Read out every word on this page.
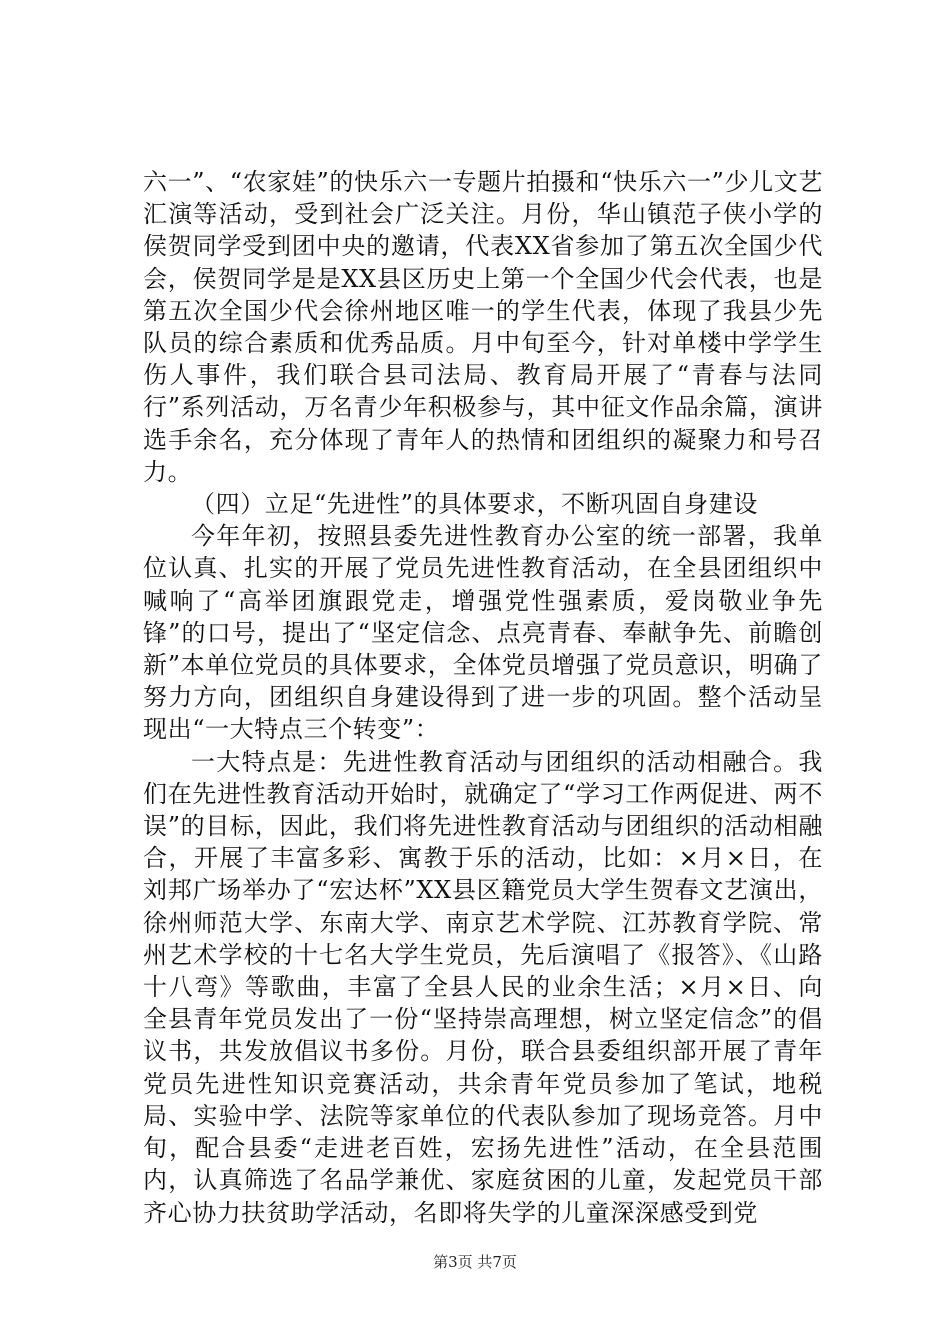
六一”、“农家娃”的快乐六一专题片拍摄和“快乐六一”少儿文艺汇演等活动，受到社会广泛关注。月份，华山镇范子侠小学的侯贺同学受到团中央的邀请，代表XX省参加了第五次全国少代会，侯贺同学是是XX县区历史上第一个全国少代会代表，也是第五次全国少代会徐州地区唯一的学生代表，体现了我县少先队员的综合素质和优秀品质。月中旬至今，针对单楼中学学生伤人事件，我们联合县司法局、教育局开展了“青春与法同行”系列活动，万名青少年积极参与，其中征文作品余篇，演讲选手余名，充分体现了青年人的热情和团组织的凝聚力和号召力。

（四）立足“先进性”的具体要求，不断巩固自身建设

今年年初，按照县委先进性教育办公室的统一部署，我单位认真、扎实的开展了党员先进性教育活动，在全县团组织中喊响了“高举团旗跟党走，增强党性强素质，爱岗敬业争先锋”的口号，提出了“坚定信念、点亮青春、奉献争先、前瞻创新”本单位党员的具体要求，全体党员增强了党员意识，明确了努力方向，团组织自身建设得到了进一步的巩固。整个活动呈现出“一大特点三个转变”：

一大特点是：先进性教育活动与团组织的活动相融合。我们在先进性教育活动开始时，就确定了“学习工作两促进、两不误”的目标，因此，我们将先进性教育活动与团组织的活动相融合，开展了丰富多彩、寓教于乐的活动，比如：×月×日，在刘邦广场举办了“宏达杯”XX县区籍党员大学生贺春文艺演出，徐州师范大学、东南大学、南京艺术学院、江苏教育学院、常州艺术学校的十七名大学生党员，先后演唱了《报答》、《山路十八弯》等歌曲，丰富了全县人民的业余生活；×月×日、向全县青年党员发出了一份“坚持崇高理想，树立坚定信念”的倡议书，共发放倡议书多份。月份，联合县委组织部开展了青年党员先进性知识竞赛活动，共余青年党员参加了笔试，地税局、实验中学、法院等家单位的代表队参加了现场竞答。月中旬，配合县委“走进老百姓，宏扬先进性”活动，在全县范围内，认真筛选了名品学兼优、家庭贫困的儿童，发起党员干部齐心协力扶贫助学活动，名即将失学的儿童深深感受到党

第3页 共7页
